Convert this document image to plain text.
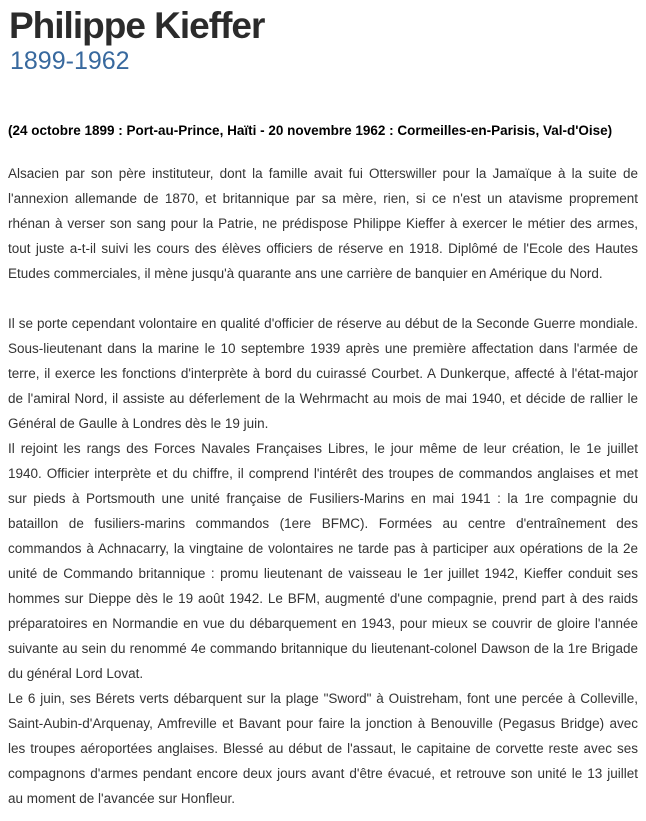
Philippe Kieffer
1899-1962

(24 octobre 1899 : Port-au-Prince, Haïti - 20 novembre 1962 : Cormeilles-en-Parisis, Val-d'Oise)

Alsacien par son père instituteur, dont la famille avait fui Otterswiller pour la Jamaïque à la suite de l'annexion allemande de 1870, et britannique par sa mère, rien, si ce n'est un atavisme proprement rhénan à verser son sang pour la Patrie, ne prédispose Philippe Kieffer à exercer le métier des armes, tout juste a-t-il suivi les cours des élèves officiers de réserve en 1918. Diplômé de l'Ecole des Hautes Etudes commerciales, il mène jusqu'à quarante ans une carrière de banquier en Amérique du Nord.

Il se porte cependant volontaire en qualité d'officier de réserve au début de la Seconde Guerre mondiale. Sous-lieutenant dans la marine le 10 septembre 1939 après une première affectation dans l'armée de terre, il exerce les fonctions d'interprète à bord du cuirassé Courbet. A Dunkerque, affecté à l'état-major de l'amiral Nord, il assiste au déferlement de la Wehrmacht au mois de mai 1940, et décide de rallier le Général de Gaulle à Londres dès le 19 juin.

Il rejoint les rangs des Forces Navales Françaises Libres, le jour même de leur création, le 1e juillet 1940. Officier interprète et du chiffre, il comprend l'intérêt des troupes de commandos anglaises et met sur pieds à Portsmouth une unité française de Fusiliers-Marins en mai 1941 : la 1re compagnie du bataillon de fusiliers-marins commandos (1ere BFMC). Formées au centre d'entraînement des commandos à Achnacarry, la vingtaine de volontaires ne tarde pas à participer aux opérations de la 2e unité de Commando britannique : promu lieutenant de vaisseau le 1er juillet 1942, Kieffer conduit ses hommes sur Dieppe dès le 19 août 1942. Le BFM, augmenté d'une compagnie, prend part à des raids préparatoires en Normandie en vue du débarquement en 1943, pour mieux se couvrir de gloire l'année suivante au sein du renommé 4e commando britannique du lieutenant-colonel Dawson de la 1re Brigade du général Lord Lovat.

Le 6 juin, ses Bérets verts débarquent sur la plage "Sword" à Ouistreham, font une percée à Colleville, Saint-Aubin-d'Arquenay, Amfreville et Bavant pour faire la jonction à Benouville (Pegasus Bridge) avec les troupes aéroportées anglaises. Blessé au début de l'assaut, le capitaine de corvette reste avec ses compagnons d'armes pendant encore deux jours avant d'être évacué, et retrouve son unité le 13 juillet au moment de l'avancée sur Honfleur.
